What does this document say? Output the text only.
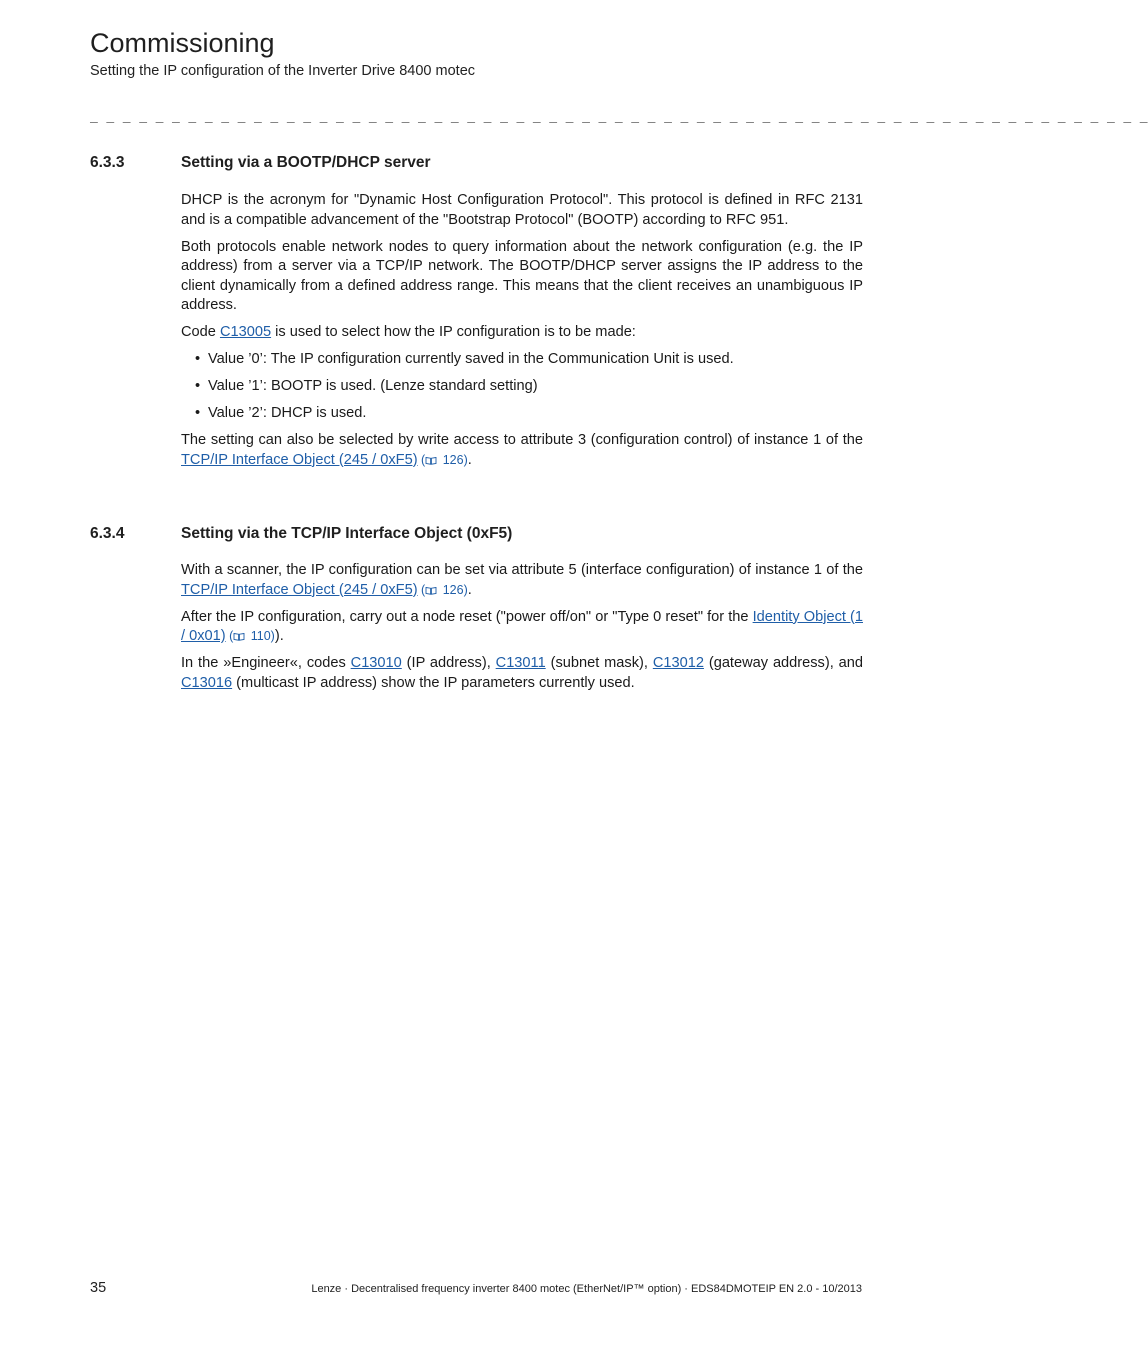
Commissioning
Setting the IP configuration of the Inverter Drive 8400 motec
_ _ _ _ _ _ _ _ _ _ _ _ _ _ _ _ _ _ _ _ _ _ _ _ _ _ _ _ _ _ _ _ _ _ _ _ _ _ _ _ _ _ _ _ _ _ _ _ _ _ _ _ _ _ _ _ _ _ _ _ _ _ _ _ _
6.3.3	Setting via a BOOTP/DHCP server

DHCP is the acronym for "Dynamic Host Configuration Protocol". This protocol is defined in RFC 2131 and is a compatible advancement of the "Bootstrap Protocol" (BOOTP) according to RFC 951.

Both protocols enable network nodes to query information about the network configuration (e.g. the IP address) from a server via a TCP/IP network. The BOOTP/DHCP server assigns the IP address to the client dynamically from a defined address range. This means that the client receives an unambiguous IP address.

Code C13005 is used to select how the IP configuration is to be made:

• Value ’0’: The IP configuration currently saved in the Communication Unit is used.
• Value ’1’: BOOTP is used. (Lenze standard setting)
• Value ’2’: DHCP is used.

The setting can also be selected by write access to attribute 3 (configuration control) of instance 1 of the TCP/IP Interface Object (245 / 0xF5) ( 126).

6.3.4	Setting via the TCP/IP Interface Object (0xF5)

With a scanner, the IP configuration can be set via attribute 5 (interface configuration) of instance 1 of the TCP/IP Interface Object (245 / 0xF5) ( 126).

After the IP configuration, carry out a node reset ("power off/on" or "Type 0 reset" for the Identity Object (1 / 0x01) ( 110)).

In the »Engineer«, codes C13010 (IP address), C13011 (subnet mask), C13012 (gateway address), and C13016 (multicast IP address) show the IP parameters currently used.

35	Lenze · Decentralised frequency inverter 8400 motec (EtherNet/IP™ option) · EDS84DMOTEIP EN 2.0 - 10/2013
